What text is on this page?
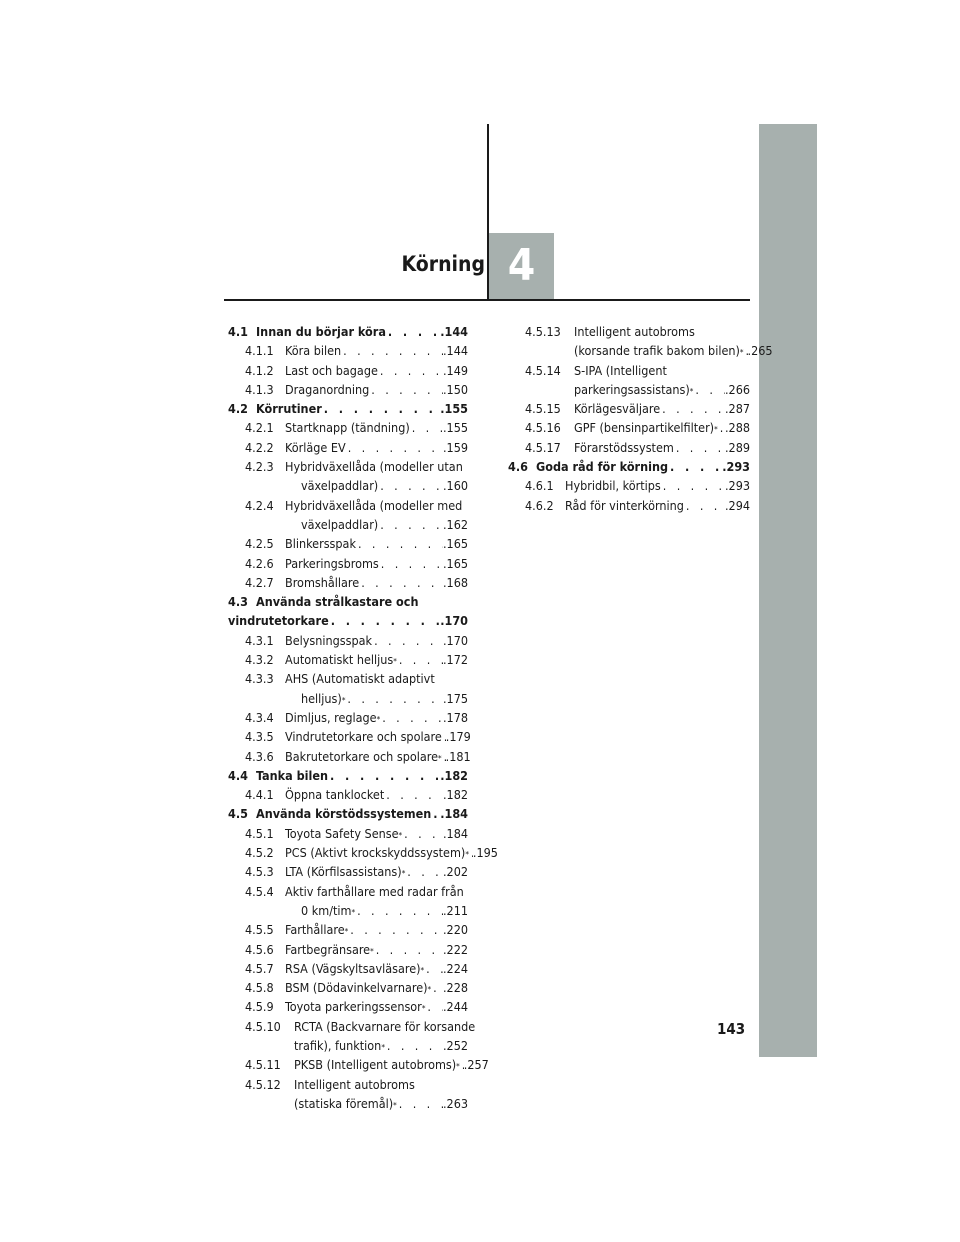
Körning 4
4.1 Innan du börjar köra . . .	.144
4.1.1 Köra bilen . . .	.144
4.1.2 Last och bagage . . .	.149
4.1.3 Draganordning . . .	.150
4.2 Körrutiner . . .	.155
4.2.1 Startknapp (tändning) . . .	.155
4.2.2 Körläge EV . . .	.159
4.2.3 Hybridväxellåda (modeller utan
växelpaddlar) . . .	.160
4.2.4 Hybridväxellåda (modeller med
växelpaddlar) . . .	.162
4.2.5 Blinkersspak . . .	.165
4.2.6 Parkeringsbroms . . .	.165
4.2.7 Bromshållare . . .	.168
4.3 Använda strålkastare och
vindrutetorkare . . .	.170
4.3.1 Belysningsspak . . .	.170
4.3.2 Automatiskt helljus * . . .	.172
4.3.3 AHS (Automatiskt adaptivt
helljus) * . . .	.175
4.3.4 Dimljus, reglage * . . .	.178
4.3.5 Vindrutetorkare och spolare . . . .179
4.3.6 Bakrutetorkare och spolare * . . . .181
4.4 Tanka bilen . . .	.182
4.4.1 Öppna tanklocket . . .	.182
4.5 Använda körstödssystemen . . . .184
4.5.1 Toyota Safety Sense * . . .	.184
4.5.2 PCS (Aktivt krockskyddssystem) * . . . .195
4.5.3 LTA (Körfilsassistans) * . . .	.202
4.5.4 Aktiv farthållare med radar från
0 km/tim * . . .	.211
4.5.5 Farthållare * . . .	.220
4.5.6 Fartbegränsare * . . .	.222
4.5.7 RSA (Vägskyltsavläsare) * . . . .224
4.5.8 BSM (Dödavinkelvarnare) * . . . .228
4.5.9 Toyota parkeringssensor * . . . .244
4.5.10	RCTA (Backvarnare för korsande
trafik), funktion * . . .	.252
4.5.11	PKSB (Intelligent autobroms) * . . . .257
4.5.12	Intelligent autobroms
(statiska föremål) * . . .	.263
4.5.13	Intelligent autobroms
(korsande trafik bakom bilen) * . . . .265
4.5.14	S-IPA (Intelligent
parkeringsassistans) * . . .	.266
4.5.15	Körlägesväljare . . .	.287
4.5.16	GPF (bensinpartikelfilter) * . . . .288
4.5.17	Förarstödssystem . . .	.289
4.6 Goda råd för körning . . .	.293
4.6.1 Hybridbil, körtips . . .	.293
4.6.2 Råd för vinterkörning . . .	.294
143
